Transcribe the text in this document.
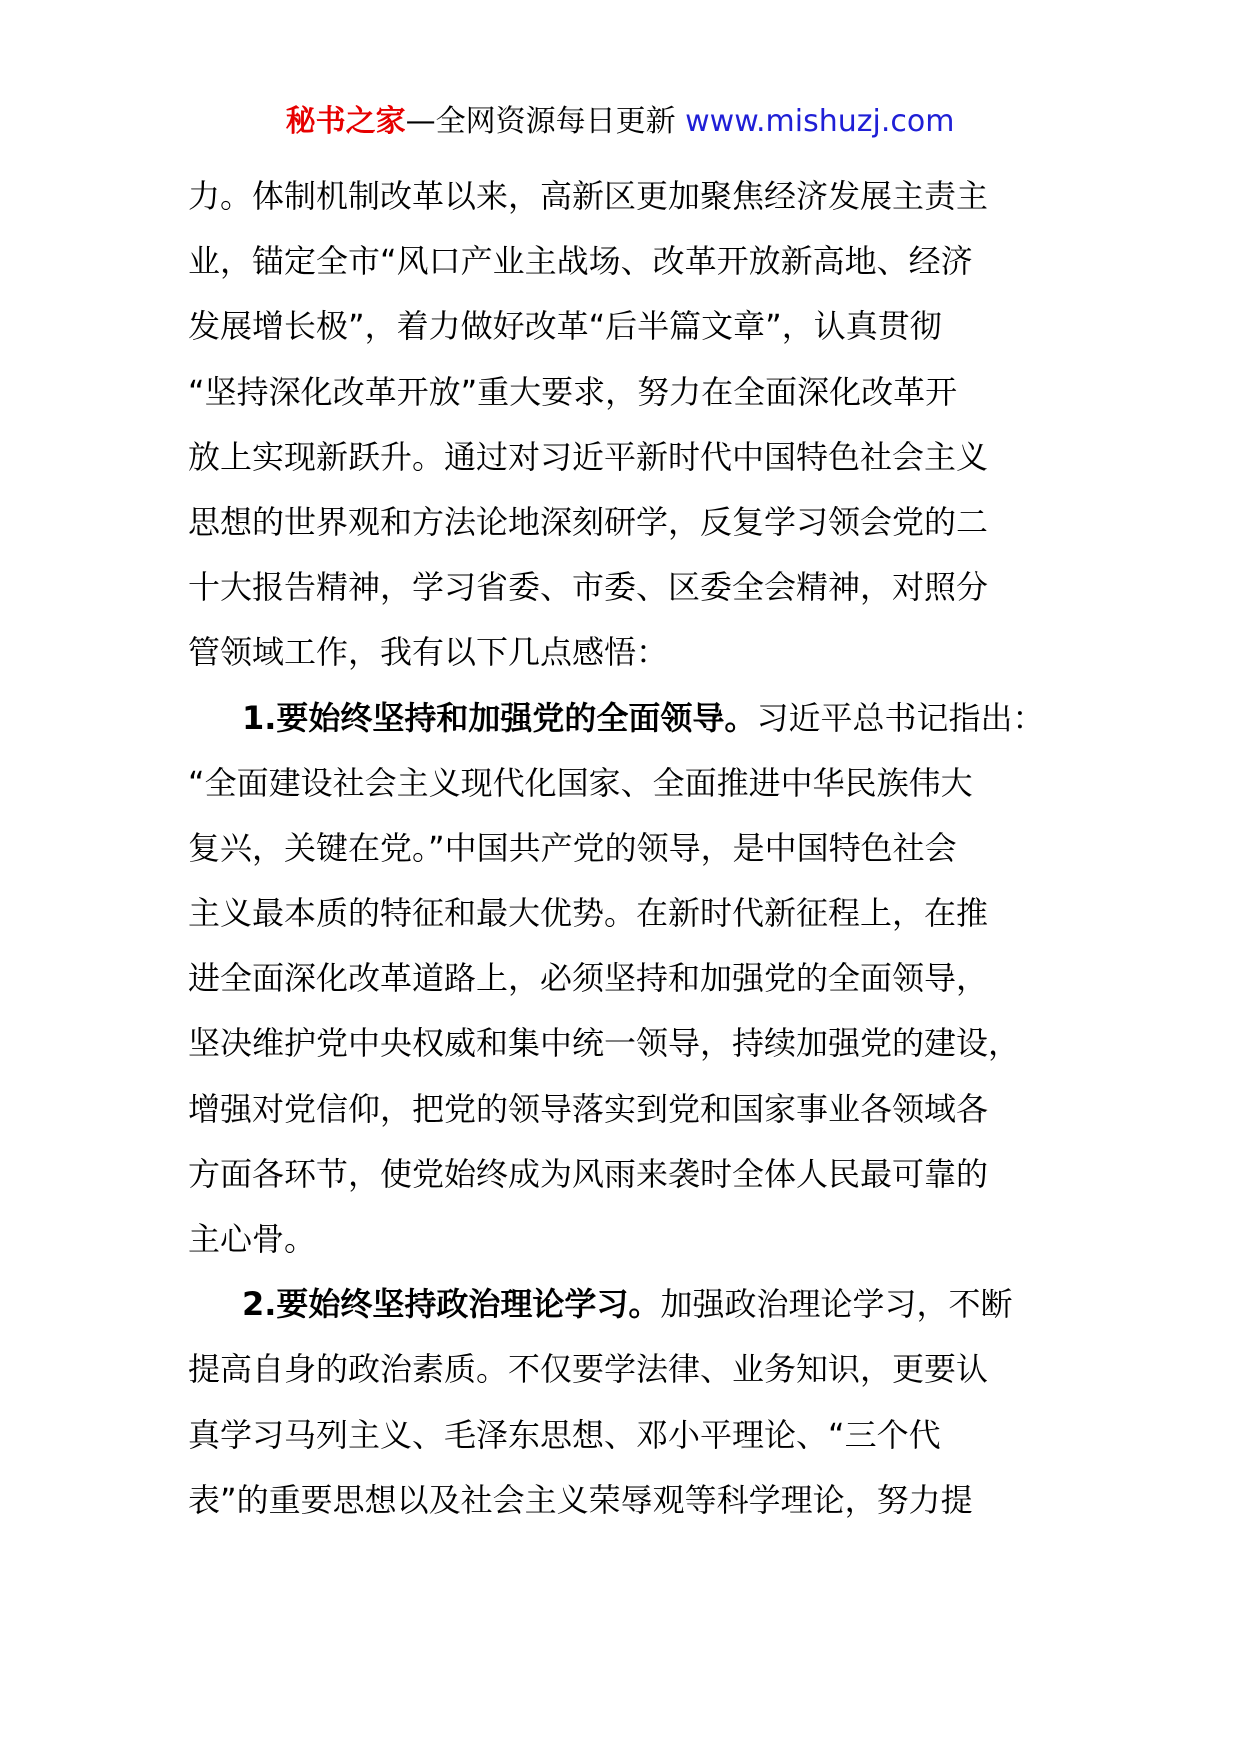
秘书之家—全网资源每日更新 www.mishuzj.com
力。体制机制改革以来，高新区更加聚焦经济发展主责主
业，锚定全市“风口产业主战场、改革开放新高地、经济
发展增长极”，着力做好改革“后半篇文章”，认真贯彻
“坚持深化改革开放”重大要求，努力在全面深化改革开
放上实现新跃升。通过对习近平新时代中国特色社会主义
思想的世界观和方法论地深刻研学，反复学习领会党的二
十大报告精神，学习省委、市委、区委全会精神，对照分
管领域工作，我有以下几点感悟：
1.要始终坚持和加强党的全面领导。习近平总书记指出：
“全面建设社会主义现代化国家、全面推进中华民族伟大
复兴，关键在党。”中国共产党的领导，是中国特色社会
主义最本质的特征和最大优势。在新时代新征程上，在推
进全面深化改革道路上，必须坚持和加强党的全面领导，
坚决维护党中央权威和集中统一领导，持续加强党的建设，
增强对党信仰，把党的领导落实到党和国家事业各领域各
方面各环节，使党始终成为风雨来袭时全体人民最可靠的
主心骨。
2.要始终坚持政治理论学习。加强政治理论学习，不断
提高自身的政治素质。不仅要学法律、业务知识，更要认
真学习马列主义、毛泽东思想、邓小平理论、“三个代
表”的重要思想以及社会主义荣辱观等科学理论，努力提
